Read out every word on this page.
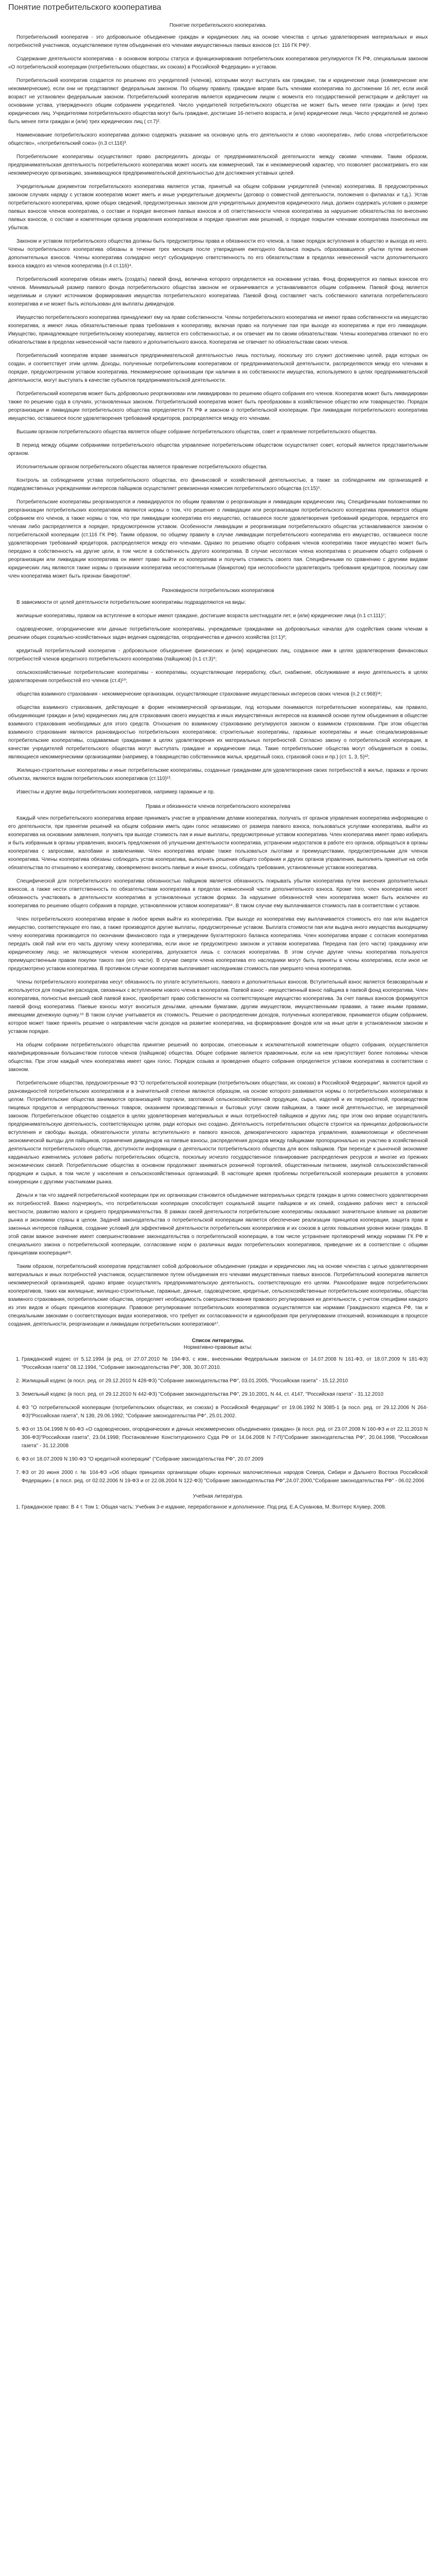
Понятие потребительского кооператива
Понятие потребительского кооператива.

Потребительский кооператив - это добровольное объединение граждан и юридических лиц на основе членства с целью удовлетворения материальных и иных потребностей участников, осуществляемое путем объединения его членами имущественных паевых взносов (ст. 116 ГК РФ)¹.

Содержание деятельности кооператива - в основном вопросы статуса и функционирования потребительских кооперативов регулируются ГК РФ, специальным законом «О потребительской кооперации (потребительских обществах, их союзах) в Российской Федерации» и уставом.

Потребительский кооператив создается по решению его учредителей (членов), которыми могут выступать как граждане, так и юридические лица (коммерческие или некоммерческие), если они не представляют федеральным законом. По общему правилу, граждане вправе быть членами кооператива по достижении 16 лет, если иной возраст не установлен федеральным законом. Потребительский кооператив является юридическим лицом с момента его государственной регистрации и действует на основании устава, утвержденного общим собранием учредителей. Число учредителей потребительского общества не может быть менее пяти граждан и (или) трех юридических лиц. Учредителями потребительского общества могут быть граждане, достигшие 16-летнего возраста, и (или) юридические лица. Число учредителей не должно быть менее пяти граждан и (или) трех юридических лиц ( ст.7)².

Наименование потребительского кооператива должно содержать указание на основную цель его деятельности и слово «кооператив», либо слова «потребительское общество», «потребительский союз» (п.3 ст.116)³.

Потребительские кооперативы осуществляют право распределять доходы от предпринимательской деятельности между своими членами. Таким образом, предпринимательская деятельность потребительского кооператива может носить как коммерческий, так и некоммерческий характер, что позволяет рассматривать его как некоммерческую организацию, занимающуюся предпринимательской деятельностью для достижения уставных целей.

Учредительным документом потребительского кооператива является устав, принятый на общем собрании учредителей (членов) кооператива. В предусмотренных законом случаях наряду с уставом кооператив может иметь и иные учредительные документы (договор о совместной деятельности, положения о филиалах и т.д.). Устав потребительского кооператива, кроме общих сведений, предусмотренных законом для учредительных документов юридического лица, должен содержать условия о размере паевых взносов членов кооператива, о составе и порядке внесения паевых взносов и об ответственности членов кооператива за нарушение обязательства по внесению паевых взносов, о составе и компетенции органов управления кооперативом и порядке принятия ими решений, о порядке покрытия членами кооператива понесенных им убытков.

Законом и уставом потребительского общества должны быть предусмотрены права и обязанности его членов, а также порядок вступления в общество и выхода из него. Члены потребительского кооператива обязаны в течение трех месяцев после утверждения ежегодного баланса покрыть образовавшиеся убытки путем внесения дополнительных взносов. Члены кооператива солидарно несут субсидиарную ответственность по его обязательствам в пределах невнесенной части дополнительного взноса каждого из членов кооператива (п.4 ст.116)⁴.

Потребительский кооператив обязан иметь (создать) паевой фонд, величина которого определяется на основании устава. Фонд формируется из паевых взносов его членов. Минимальный размер паевого фонда потребительского общества законом не ограничивается и устанавливается общим собранием. Паевой фонд является неделимым и служит источником формирования имущества потребительского кооператива. Паевой фонд составляет часть собственного капитала потребительского кооператива и не может быть использован для выплаты дивидендов.

Имущество потребительского кооператива принадлежит ему на праве собственности. Члены потребительского кооператива не имеют права собственности на имущество кооператива, а имеют лишь обязательственные права требования к кооперативу, включая право на получение пая при выходе из кооператива и при его ликвидации. Имущество, принадлежащее потребительскому кооперативу, является его собственностью, и он отвечает им по своим обязательствам. Члены кооператива отвечают по его обязательствам в пределах невнесенной части паевого и дополнительного взноса. Кооператив не отвечает по обязательствам своих членов.

Потребительский кооператив вправе заниматься предпринимательской деятельностью лишь постольку, поскольку это служит достижению целей, ради которых он создан, и соответствует этим целям. Доходы, полученные потребительским кооперативом от предпринимательской деятельности, распределяются между его членами в порядке, предусмотренном уставом кооператива. Некоммерческие организации при наличии в их собственности имущества, используемого в целях предпринимательской деятельности, могут выступать в качестве субъектов предпринимательской деятельности.

Потребительский кооператив может быть добровольно реорганизован или ликвидирован по решению общего собрания его членов. Кооператив может быть ликвидирован также по решению суда в случаях, установленных законом. Потребительский кооператив может быть преобразован в хозяйственное общество или товарищество. Порядок реорганизации и ликвидации потребительского общества определяется ГК РФ и законом о потребительской кооперации. При ликвидации потребительского кооператива имущество, оставшееся после удовлетворения требований кредиторов, распределяется между его членами.

Высшим органом потребительского общества является общее собрание потребительского общества, совет и правление потребительского общества.

В период между общими собраниями потребительского общества управление потребительским обществом осуществляет совет, который является представительным органом.

Исполнительным органом потребительского общества является правление потребительского общества.

Контроль за соблюдением устава потребительского общества, его финансовой и хозяйственной деятельностью, а также за соблюдением им организацией и подведомственных учреждениями интересов пайщиков осуществляет ревизионная комиссия потребительского общества (ст.15)⁵.

Потребительские кооперативы реорганизуются и ликвидируются по общим правилам о реорганизации и ликвидации юридических лиц. Специфичными положениями по реорганизации потребительских кооперативов являются нормы о том, что решение о ликвидации или реорганизации потребительского кооператива принимается общим собранием его членов, а также нормы о том, что при ликвидации кооператива его имущество, оставшееся после удовлетворения требований кредиторов, передается его членам либо распределяется в порядке, предусмотренном уставом. Особенности ликвидации и реорганизации потребительского общества устанавливаются законом о потребительской кооперации (ст.116 ГК РФ). Таким образом, по общему правилу в случае ликвидации потребительского кооператива его имущество, оставшееся после удовлетворения требований кредиторов, распределяется между его членами. Однако по решению общего собрания членов кооператива такое имущество может быть передано в собственность на другие цели, в том числе в собственность другого кооператива. В случае несогласия члена кооператива с решением общего собрания о реорганизации или ликвидации кооператива он имеет право выйти из кооператива и получить стоимость своего пая. Специфичными по сравнению с другими видами юридических лиц являются также нормы о признании кооператива несостоятельным (банкротом) при неспособности удовлетворить требования кредиторов, поскольку сам член кооператива может быть признан банкротом⁶.

Разновидности потребительских кооперативов

В зависимости от целей деятельности потребительские кооперативы подразделяются на виды:

жилищные кооперативы, правом на вступление в которые имеют граждане, достигшие возраста шестнадцати лет, и (или) юридические лица (п.1 ст.111)⁷;

садоводческие, огороднические или дачные потребительские кооперативы, учреждаемые гражданами на добровольных началах для содействия своим членам в решении общих социально-хозяйственных задач ведения садоводства, огородничества и дачного хозяйства (ст.1)⁸;

кредитный потребительский кооператив - добровольное объединение физических и (или) юридических лиц, созданное ими в целях удовлетворения финансовых потребностей членов кредитного потребительского кооператива (пайщиков) (п.1 ст.3)⁹;

сельскохозяйственные потребительские кооперативы - кооперативы, осуществляющие переработку, сбыт, снабжение, обслуживание и иную деятельность в целях удовлетворения потребностей его членов (ст.4)¹⁰;

общества взаимного страхования - некоммерческие организации, осуществляющие страхование имущественных интересов своих членов (п.2 ст.968)¹¹;

общества взаимного страхования, действующие в форме некоммерческой организации, под которыми понимаются потребительские кооперативы, как правило, объединяющие граждан и (или) юридических лиц для страхования своего имущества и иных имущественных интересов на взаимной основе путем объединения в обществе взаимного страхования необходимых для этого средств. Отношения по взаимному страхованию регулируются законом о взаимном страховании. При этом общества взаимного страхования являются разновидностью потребительских кооперативов; строительные кооперативы, гаражные кооперативы и иные специализированные потребительские кооперативы, создаваемые гражданами в целях удовлетворения их материальных потребностей. Согласно закону о потребительской кооперации, в качестве учредителей потребительского общества могут выступать граждане и юридические лица. Такие потребительские общества могут объединяться в союзы, являющиеся некоммерческими организациями (например, в товарищество собственников жилья, кредитный союз, страховой союз и пр.) (ст. 1, 3, 5)¹²;

Жилищно-строительные кооперативы и иные потребительские кооперативы, созданные гражданами для удовлетворения своих потребностей в жилье, гаражах и прочих объектах, являются видом потребительских кооперативов (ст.110)¹³.

Известны и другие виды потребительских кооперативов, например гаражные и пр.

Права и обязанности членов потребительского кооператива

Каждый член потребительского кооператива вправе принимать участие в управлении делами кооператива, получать от органов управления кооператива информацию о его деятельности, при принятии решений на общем собрании иметь один голос независимо от размера паевого взноса, пользоваться услугами кооператива, выйти из кооператива на основании заявления, получить при выходе стоимость пая и иные выплаты, предусмотренные уставом кооператива. Член кооператива имеет право избирать и быть избранным в органы управления, вносить предложения об улучшении деятельности кооператива, устранении недостатков в работе его органов, обращаться в органы кооператива с запросами, жалобами и заявлениями. Член кооператива вправе также пользоваться льготами и преимуществами, предусмотренными для членов кооператива. Члены кооператива обязаны соблюдать устав кооператива, выполнять решения общего собрания и других органов управления, выполнять принятые на себя обязательства по отношению к кооперативу, своевременно вносить паевые и иные взносы, соблюдать требования, установленные уставом кооператива.

Специфической для потребительского кооператива обязанностью пайщиков является обязанность покрывать убытки кооператива путем внесения дополнительных взносов, а также нести ответственность по обязательствам кооператива в пределах невнесенной части дополнительного взноса. Кроме того, член кооператива несет обязанность участвовать в деятельности кооператива в установленных уставом формах. За нарушение обязанностей член кооператива может быть исключен из кооператива по решению общего собрания в порядке, установленном уставом кооператива¹⁴. В таком случае ему выплачивается стоимость пая в соответствии с уставом.

Член потребительского кооператива вправе в любое время выйти из кооператива. При выходе из кооператива ему выплачивается стоимость его пая или выдается имущество, соответствующее его паю, а также производятся другие выплаты, предусмотренные уставом. Выплата стоимости пая или выдача иного имущества выходящему члену кооператива производится по окончании финансового года и утверждении бухгалтерского баланса кооператива. Член кооператива вправе с согласия кооператива передать свой пай или его часть другому члену кооператива, если иное не предусмотрено законом и уставом кооператива. Передача пая (его части) гражданину или юридическому лицу, не являющемуся членом кооператива, допускается лишь с согласия кооператива. В этом случае другие члены кооператива пользуются преимущественным правом покупки такого пая (его части). В случае смерти члена кооператива его наследники могут быть приняты в члены кооператива, если иное не предусмотрено уставом кооператива. В противном случае кооператив выплачивает наследникам стоимость пая умершего члена кооператива.

Члены потребительского кооператива несут обязанность по уплате вступительного, паевого и дополнительных взносов. Вступительный взнос является безвозвратным и используется для покрытия расходов, связанных с вступлением нового члена в кооператив. Паевой взнос - имущественный взнос пайщика в паевой фонд кооператива. Член кооператива, полностью внесший свой паевой взнос, приобретает право собственности на соответствующее имущество кооператива. За счет паевых взносов формируется паевой фонд кооператива. Паевые взносы могут вноситься деньгами, ценными бумагами, другим имуществом, имущественными правами, а также иными правами, имеющими денежную оценку.¹⁵ В таком случае учитывается их стоимость. Решение о распределении доходов, полученных кооперативом, принимается общим собранием, которое может также принять решение о направлении части доходов на развитие кооператива, на формирование фондов или на иные цели в установленном законом и уставом порядке.

На общем собрании потребительского общества принятие решений по вопросам, отнесенным к исключительной компетенции общего собрания, осуществляется квалифицированным большинством голосов членов (пайщиков) общества. Общее собрание является правомочным, если на нем присутствует более половины членов общества. При этом каждый член кооператива имеет один голос. Порядок созыва и проведения общего собрания определяется уставом кооператива в соответствии с законом.

Потребительские общества, предусмотренные ФЗ "О потребительской кооперации (потребительских обществах, их союзах) в Российской Федерации", являются одной из разновидностей потребительских кооперативов и в значительной степени являются образцом, на основе которого развиваются нормы о потребительских кооперативах в целом. Потребительские общества занимаются организацией торговли, заготовкой сельскохозяйственной продукции, сырья, изделий и их переработкой, производством пищевых продуктов и непродовольственных товаров, оказанием производственных и бытовых услуг своим пайщикам, а также иной деятельностью, не запрещенной законом. Потребительское общество создается в целях удовлетворения материальных и иных потребностей пайщиков и других лиц; при этом оно вправе осуществлять предпринимательскую деятельность, соответствующую целям, ради которых оно создано. Деятельность потребительских обществ строится на принципах добровольности вступления и свободы выхода, обязательности уплаты вступительного и паевого взносов, демократического характера управления, взаимопомощи и обеспечения экономической выгоды для пайщиков, ограничения дивидендов на паевые взносы, распределения доходов между пайщиками пропорционально их участию в хозяйственной деятельности потребительского общества, доступности информации о деятельности потребительского общества для всех пайщиков. При переходе к рыночной экономике кардинально изменились условия работы потребительских обществ, поскольку исчезло государственное планирование распределения ресурсов и многие из прежних экономических связей. Потребительские общества в основном продолжают заниматься розничной торговлей, общественным питанием, закупкой сельскохозяйственной продукции и сырья, в том числе у населения и сельскохозяйственных организаций. В настоящее время проблемы потребительской кооперации решаются в условиях конкуренции с другими участниками рынка.

Деньги и так что задачей потребительской кооперации при их организации становится объединение материальных средств граждан в целях совместного удовлетворения их потребностей. Важно подчеркнуть, что потребительская кооперация способствует социальной защите пайщиков и их семей, созданию рабочих мест в сельской местности, развитию малого и среднего предпринимательства. В рамках своей деятельности потребительские кооперативы оказывают значительное влияние на развитие рынка и экономики страны в целом. Задачей законодательства о потребительской кооперации является обеспечение реализации принципов кооперации, защита прав и законных интересов пайщиков, создание условий для эффективной деятельности потребительских кооперативов и их союзов в целях повышения уровня жизни граждан. В этой связи важное значение имеет совершенствование законодательства о потребительской кооперации, в том числе устранение противоречий между нормами ГК РФ и специального закона о потребительской кооперации, согласование норм о различных видах потребительских кооперативов, приведение их в соответствие с общими принципами кооперации¹⁶.

Таким образом, потребительский кооператив представляет собой добровольное объединение граждан и юридических лиц на основе членства с целью удовлетворения материальных и иных потребностей участников, осуществляемое путем объединения его членами имущественных паевых взносов. Потребительский кооператив является некоммерческой организацией, однако вправе осуществлять предпринимательскую деятельность, соответствующую его целям. Разнообразие видов потребительских кооперативов, таких как жилищные, жилищно-строительные, гаражные, дачные, садоводческие, кредитные, сельскохозяйственные потребительские кооперативы, общества взаимного страхования, потребительские общества, определяет необходимость совершенствования правового регулирования их деятельности, с учетом специфики каждого из этих видов и общих принципов кооперации. Правовое регулирование потребительских кооперативов осуществляется как нормами Гражданского кодекса РФ, так и специальными законами о соответствующих видах кооперативов, что требует их согласованности и единообразия при регулировании отношений, возникающих в процессе создания, деятельности, реорганизации и ликвидации потребительских кооперативов¹⁷.

Список литературы.
Нормативно-правовые акты:
1. Гражданский кодекс от 5.12.1994 (в ред. от 27.07.2010 № 194-ФЗ, с изм., внесенными Федеральным законом от 14.07.2008 N 161-ФЗ, от 18.07.2009 N 181-ФЗ) "Российская газета" 08.12.1994, "Собрание законодательства РФ", 308, 30.07.2010.
2. Жилищный кодекс (в посл. ред. от 29.12.2010 N 428-ФЗ) "Собрание законодательства РФ", 03.01.2005, "Российская газета" - 15.12.2010
3. Земельный кодекс (в посл. ред. от 29.12.2010 N 442-ФЗ) "Собрание законодательства РФ", 29.10.2001, N 44, ст. 4147, "Российская газета" - 31.12.2010
4. ФЗ "О потребительской кооперации (потребительских обществах, их союзах) в Российской Федерации" от 19.06.1992 N 3085-1 (в посл. ред. от 29.12.2006 N 264-ФЗ)"Российская газета", N 139, 29.06.1992; "Собрание законодательства РФ", 25.01.2002.
5. ФЗ от 15.04.1998 N 66-ФЗ «О садоводческих, огороднических и дачных некоммерческих объединениях граждан» (в посл. ред. от 23.07.2008 N 160-ФЗ и от 22.11.2010 N 306-ФЗ)"Российская газета", 23.04.1998; Постановление Конституционного Суда РФ от 14.04.2008 N 7-П)"Собрание законодательства РФ", 20.04.1998, "Российская газета" - 31.12.2008
6. ФЗ от 18.07.2009 N 190-ФЗ "О кредитной кооперации" ("Собрание законодательства РФ", 20.07.2009
7. ФЗ от 20 июня 2000 г. № 104-ФЗ «Об общих принципах организации общин коренных малочисленных народов Севера, Сибири и Дальнего Востока Российской Федерации» ( в посл. ред. от 02.02.2006 N 19-ФЗ и от 22.08.2004 N 122-ФЗ) "Собрание законодательства РФ",24.07.2000,"Собрание законодательства РФ" - 06.02.2006
Учебная литература.
1. Гражданское право: В 4 т. Том 1: Общая часть: Учебник 3-е издание, переработанное и дополненное. Под ред. Е.А.Суханова, М.:Волтерс Клувер, 2008.
